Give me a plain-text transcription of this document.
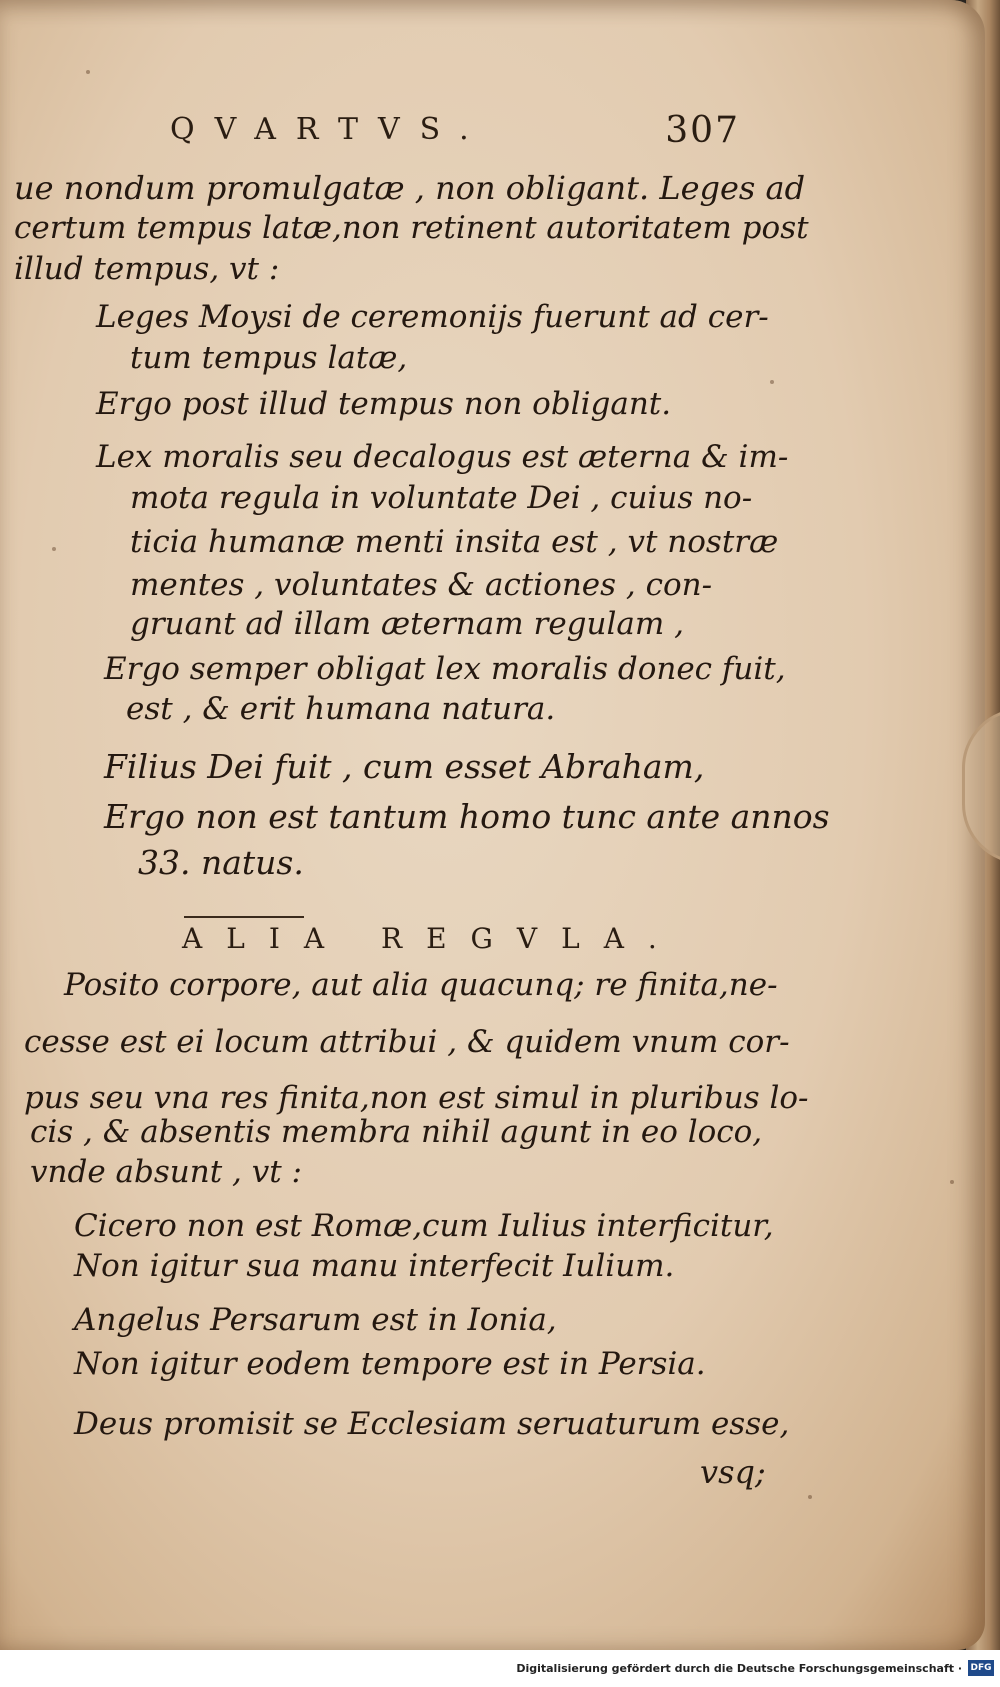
QVARTVS.	307
ue nondum promulgatæ , non obligant. Leges ad
certum tempus latæ,non retinent autoritatem post
illud tempus, vt :
Leges Moysi de ceremonijs fuerunt ad cer-
tum tempus latæ,
Ergo post illud tempus non obligant.
Lex moralis seu decalogus est æterna & im-
mota regula in voluntate Dei , cuius no-
ticia humanæ menti insita est , vt nostræ
mentes , voluntates & actiones , con-
gruant ad illam æternam regulam ,
Ergo semper obligat lex moralis donec fuit,
est , & erit humana natura.
Filius Dei fuit , cum esset Abraham,
Ergo non est tantum homo tunc ante annos
33. natus.
ALIA REGVLA.
Posito corpore, aut alia quacunq; re finita,ne-
cesse est ei locum attribui , & quidem vnum cor-
pus seu vna res finita,non est simul in pluribus lo-
cis , & absentis membra nihil agunt in eo loco,
vnde absunt , vt :
Cicero non est Romæ,cum Iulius interficitur,
Non igitur sua manu interfecit Iulium.
Angelus Persarum est in Ionia,
Non igitur eodem tempore est in Persia.
Deus promisit se Ecclesiam seruaturum esse,
vsq;
Digitalisierung gefördert durch die Deutsche Forschungsgemeinschaft · DFG
